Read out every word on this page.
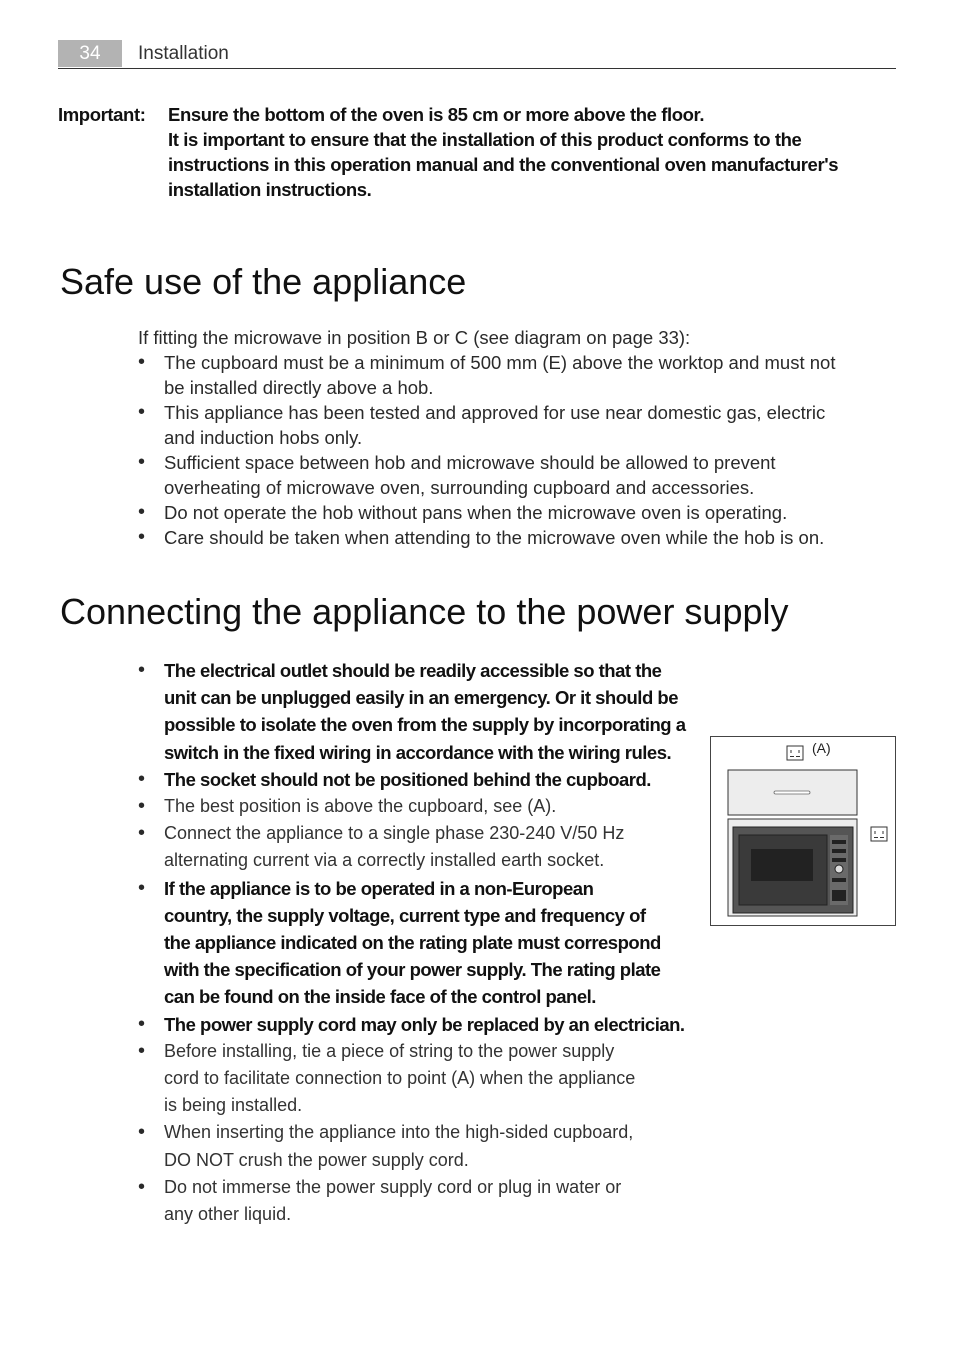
34	Installation
Important: Ensure the bottom of the oven is 85 cm or more above the floor.
It is important to ensure that the installation of this product conforms to the
instructions in this operation manual and the conventional oven manufacturer's
installation instructions.
Safe use of the appliance
If fitting the microwave in position B or C (see diagram on page 33):
• The cupboard must be a minimum of 500 mm (E) above the worktop and must not
be installed directly above a hob.
• This appliance has been tested and approved for use near domestic gas, electric
and induction hobs only.
• Sufficient space between hob and microwave should be allowed to prevent
overheating of microwave oven, surrounding cupboard and accessories.
• Do not operate the hob without pans when the microwave oven is operating.
• Care should be taken when attending to the microwave oven while the hob is on.
Connecting the appliance to the power supply
• The electrical outlet should be readily accessible so that the
unit can be unplugged easily in an emergency. Or it should be
possible to isolate the oven from the supply by incorporating a
switch in the fixed wiring in accordance with the wiring rules.
• The socket should not be positioned behind the cupboard.
• The best position is above the cupboard, see (A).
• Connect the appliance to a single phase 230-240 V/50 Hz
alternating current via a correctly installed earth socket.
• If the appliance is to be operated in a non-European
country, the supply voltage, current type and frequency of
the appliance indicated on the rating plate must correspond
with the specification of your power supply. The rating plate
can be found on the inside face of the control panel.
• The power supply cord may only be replaced by an electrician.
• Before installing, tie a piece of string to the power supply
cord to facilitate connection to point (A) when the appliance
is being installed.
• When inserting the appliance into the high-sided cupboard,
DO NOT crush the power supply cord.
• Do not immerse the power supply cord or plug in water or
any other liquid.
(A)
